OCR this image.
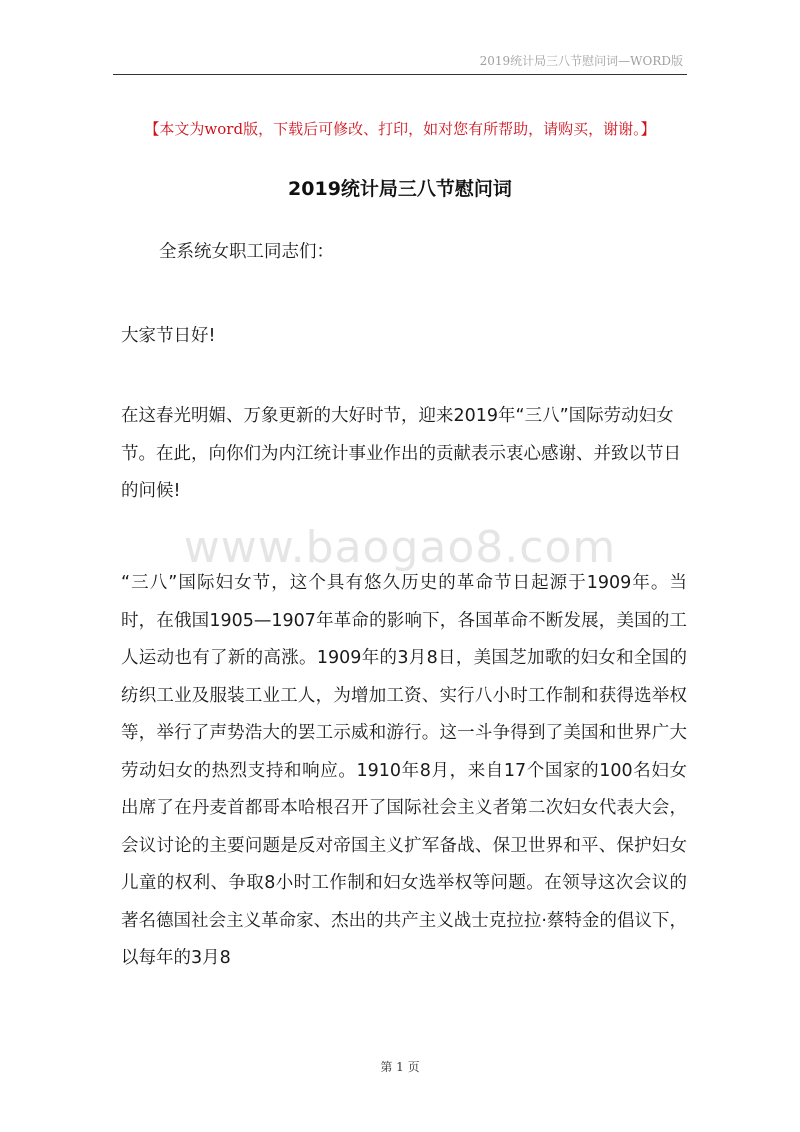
2019统计局三八节慰问词—WORD版
【本文为word版，下载后可修改、打印，如对您有所帮助，请购买，谢谢。】
2019统计局三八节慰问词
全系统女职工同志们：
大家节日好!
在这春光明媚、万象更新的大好时节，迎来2019年“三八”国际劳动妇女节。在此，向你们为内江统计事业作出的贡献表示衷心感谢、并致以节日的问候!
www.baogao8.com
“三八”国际妇女节，这个具有悠久历史的革命节日起源于1909年。当时，在俄国1905—1907年革命的影响下，各国革命不断发展，美国的工人运动也有了新的高涨。1909年的3月8日，美国芝加歌的妇女和全国的纺织工业及服装工业工人，为增加工资、实行八小时工作制和获得选举权等，举行了声势浩大的罢工示威和游行。这一斗争得到了美国和世界广大劳动妇女的热烈支持和响应。1910年8月，来自17个国家的100名妇女出席了在丹麦首都哥本哈根召开了国际社会主义者第二次妇女代表大会，会议讨论的主要问题是反对帝国主义扩军备战、保卫世界和平、保护妇女儿童的权利、争取8小时工作制和妇女选举权等问题。在领导这次会议的著名德国社会主义革命家、杰出的共产主义战士克拉拉·蔡特金的倡议下，以每年的3月8
第 1 页
